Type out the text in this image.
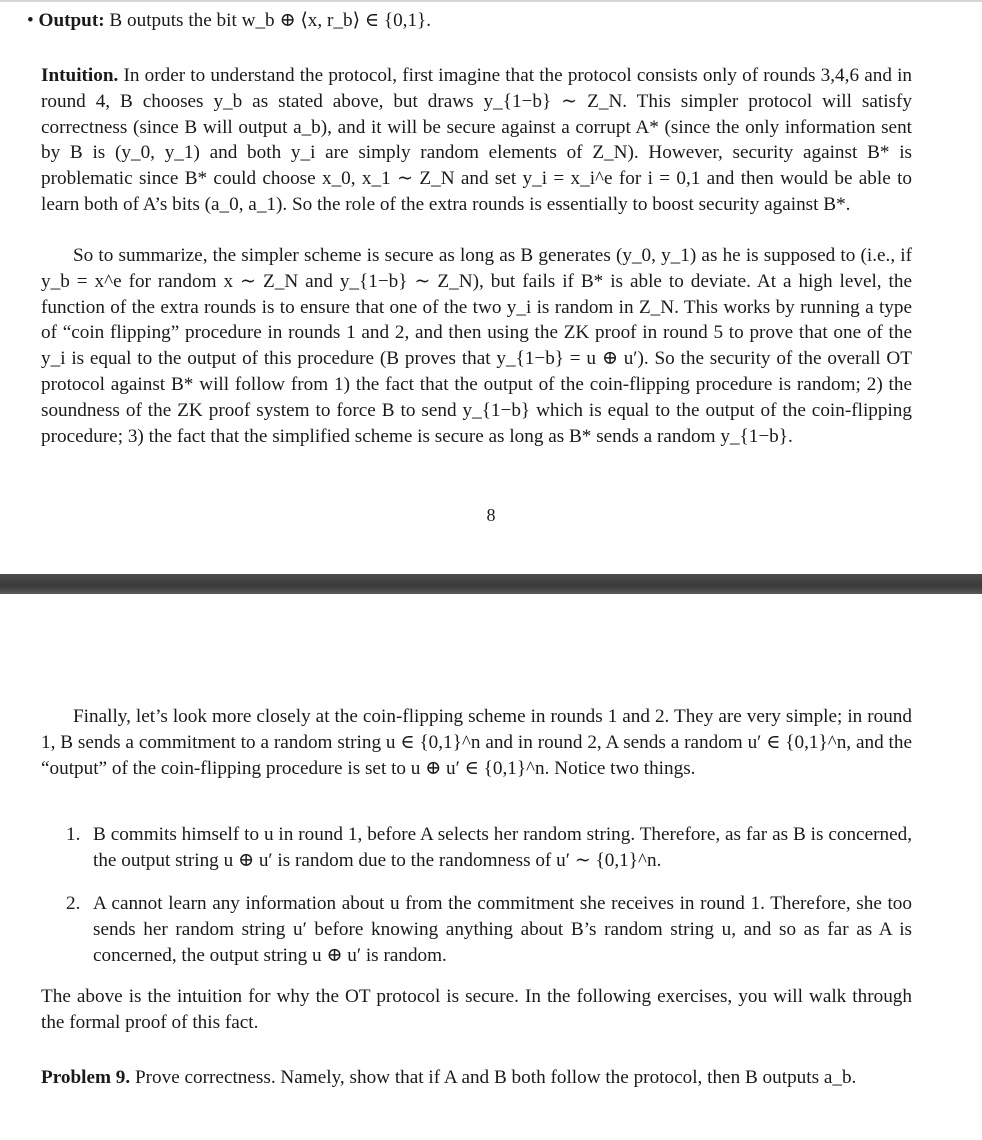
• Output: B outputs the bit w_b ⊕ ⟨x, r_b⟩ ∈ {0,1}.
Intuition. In order to understand the protocol, first imagine that the protocol consists only of rounds 3,4,6 and in round 4, B chooses y_b as stated above, but draws y_{1−b} ∼ Z_N. This simpler protocol will satisfy correctness (since B will output a_b), and it will be secure against a corrupt A* (since the only information sent by B is (y_0, y_1) and both y_i are simply random elements of Z_N). However, security against B* is problematic since B* could choose x_0, x_1 ∼ Z_N and set y_i = x_i^e for i = 0,1 and then would be able to learn both of A’s bits (a_0, a_1). So the role of the extra rounds is essentially to boost security against B*.
So to summarize, the simpler scheme is secure as long as B generates (y_0, y_1) as he is supposed to (i.e., if y_b = x^e for random x ∼ Z_N and y_{1−b} ∼ Z_N), but fails if B* is able to deviate. At a high level, the function of the extra rounds is to ensure that one of the two y_i is random in Z_N. This works by running a type of “coin flipping” procedure in rounds 1 and 2, and then using the ZK proof in round 5 to prove that one of the y_i is equal to the output of this procedure (B proves that y_{1−b} = u ⊕ u′). So the security of the overall OT protocol against B* will follow from 1) the fact that the output of the coin-flipping procedure is random; 2) the soundness of the ZK proof system to force B to send y_{1−b} which is equal to the output of the coin-flipping procedure; 3) the fact that the simplified scheme is secure as long as B* sends a random y_{1−b}.
8
Finally, let’s look more closely at the coin-flipping scheme in rounds 1 and 2. They are very simple; in round 1, B sends a commitment to a random string u ∈ {0,1}^n and in round 2, A sends a random u′ ∈ {0,1}^n, and the “output” of the coin-flipping procedure is set to u ⊕ u′ ∈ {0,1}^n. Notice two things.
1. B commits himself to u in round 1, before A selects her random string. Therefore, as far as B is concerned, the output string u ⊕ u′ is random due to the randomness of u′ ∼ {0,1}^n.
2. A cannot learn any information about u from the commitment she receives in round 1. Therefore, she too sends her random string u′ before knowing anything about B’s random string u, and so as far as A is concerned, the output string u ⊕ u′ is random.
The above is the intuition for why the OT protocol is secure. In the following exercises, you will walk through the formal proof of this fact.
Problem 9. Prove correctness. Namely, show that if A and B both follow the protocol, then B outputs a_b.
